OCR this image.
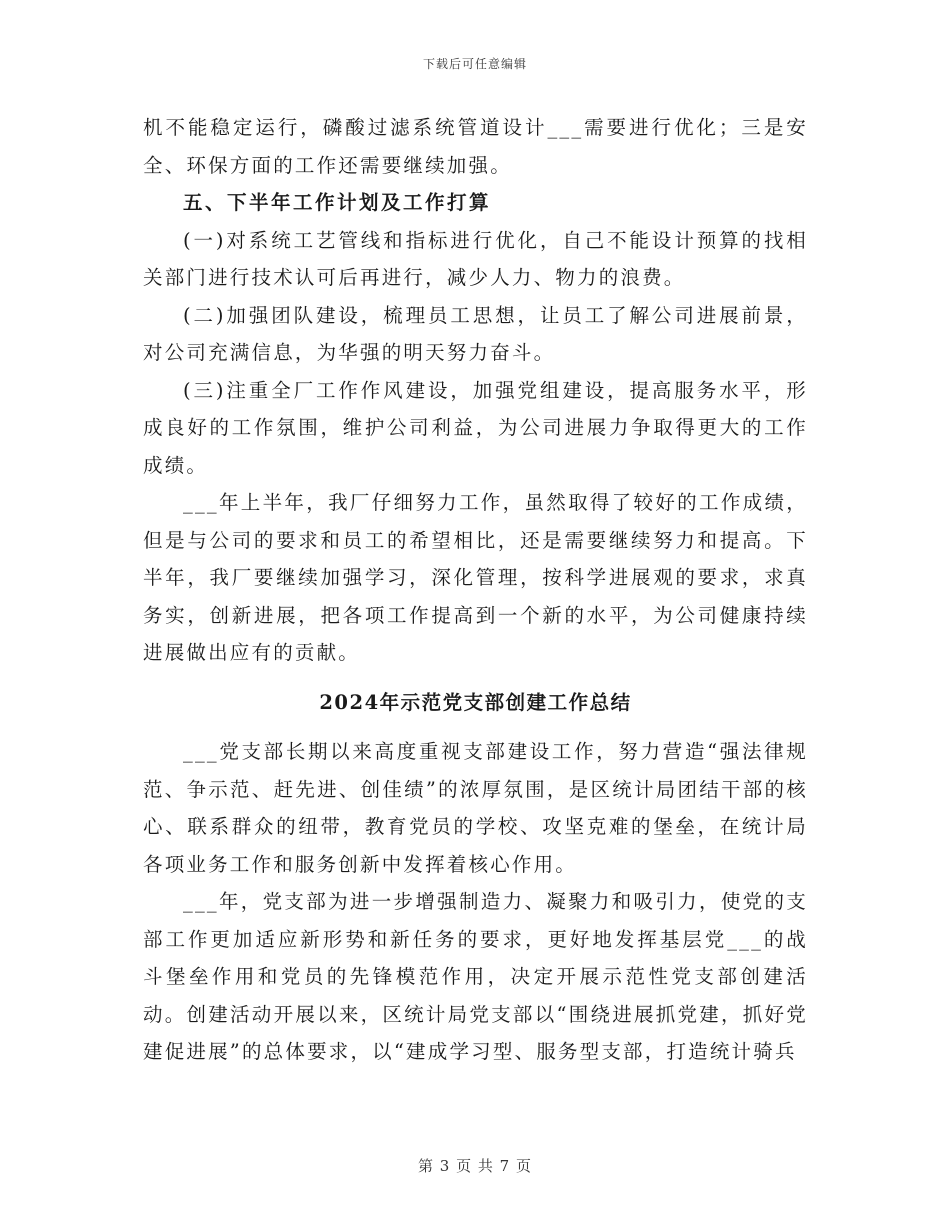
下载后可任意编辑

机不能稳定运行，磷酸过滤系统管道设计___需要进行优化；三是安全、环保方面的工作还需要继续加强。

五、下半年工作计划及工作打算

(一)对系统工艺管线和指标进行优化，自己不能设计预算的找相关部门进行技术认可后再进行，减少人力、物力的浪费。

(二)加强团队建设，梳理员工思想，让员工了解公司进展前景，对公司充满信息，为华强的明天努力奋斗。

(三)注重全厂工作作风建设，加强党组建设，提高服务水平，形成良好的工作氛围，维护公司利益，为公司进展力争取得更大的工作成绩。

___年上半年，我厂仔细努力工作，虽然取得了较好的工作成绩，但是与公司的要求和员工的希望相比，还是需要继续努力和提高。下半年，我厂要继续加强学习，深化管理，按科学进展观的要求，求真务实，创新进展，把各项工作提高到一个新的水平，为公司健康持续进展做出应有的贡献。

2024年示范党支部创建工作总结

___党支部长期以来高度重视支部建设工作，努力营造“强法律规范、争示范、赶先进、创佳绩”的浓厚氛围，是区统计局团结干部的核心、联系群众的纽带，教育党员的学校、攻坚克难的堡垒，在统计局各项业务工作和服务创新中发挥着核心作用。

___年，党支部为进一步增强制造力、凝聚力和吸引力，使党的支部工作更加适应新形势和新任务的要求，更好地发挥基层党___的战斗堡垒作用和党员的先锋模范作用，决定开展示范性党支部创建活动。创建活动开展以来，区统计局党支部以“围绕进展抓党建，抓好党建促进展”的总体要求，以“建成学习型、服务型支部，打造统计骑兵

第 3 页 共 7 页
